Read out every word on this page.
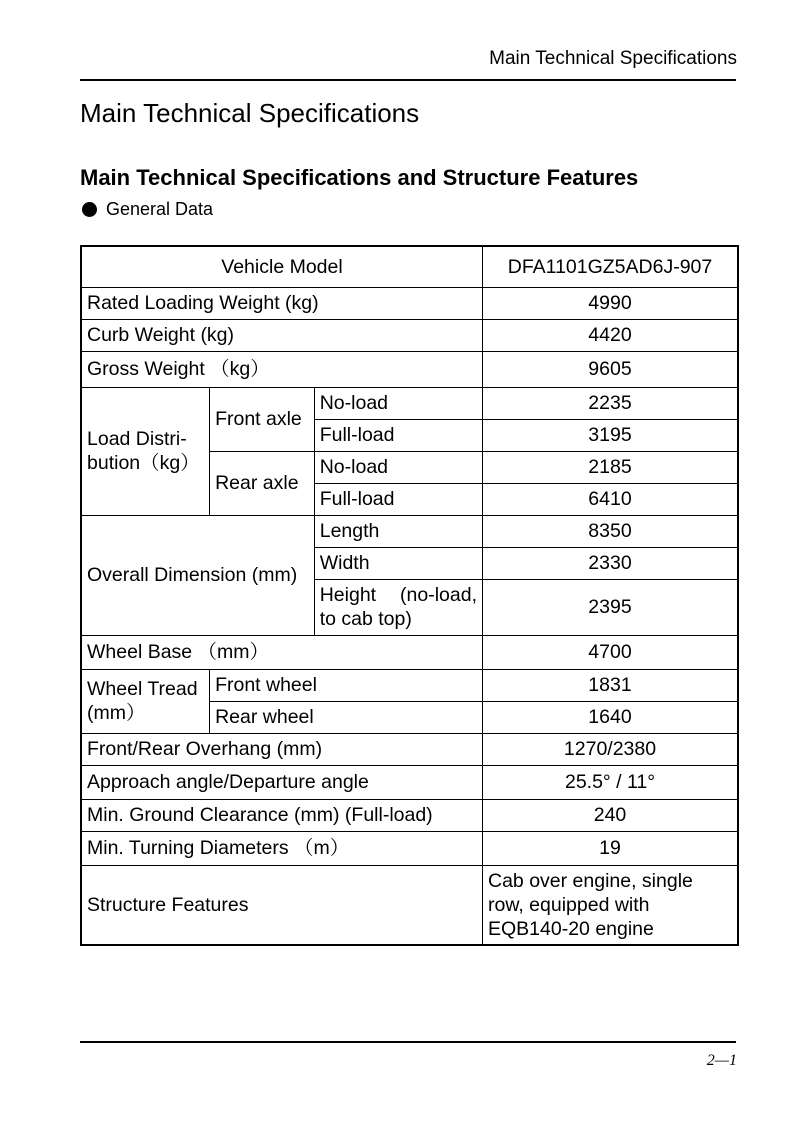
Main Technical Specifications
Main Technical Specifications
Main Technical Specifications and Structure Features
General Data
Vehicle Model			DFA1101GZ5AD6J-907
Rated Loading Weight (kg)			4990
Curb Weight (kg)			4420
Gross Weight （kg）			9605
Load Distri- bution（kg）	Front axle	No-load	2235
		Full-load	3195
	Rear axle	No-load	2185
		Full-load	6410
Overall Dimension (mm)		Length	8350
		Width	2330
		Height (no-load, to cab top)	2395
Wheel Base （mm）			4700
Wheel Tread (mm）	Front wheel		1831
	Rear wheel		1640
Front/Rear Overhang (mm)			1270/2380
Approach angle/Departure angle			25.5° / 11°
Min. Ground Clearance (mm) (Full-load)			240
Min. Turning Diameters （m）			19
Structure Features			Cab over engine, single row, equipped with EQB140-20 engine
2—1
